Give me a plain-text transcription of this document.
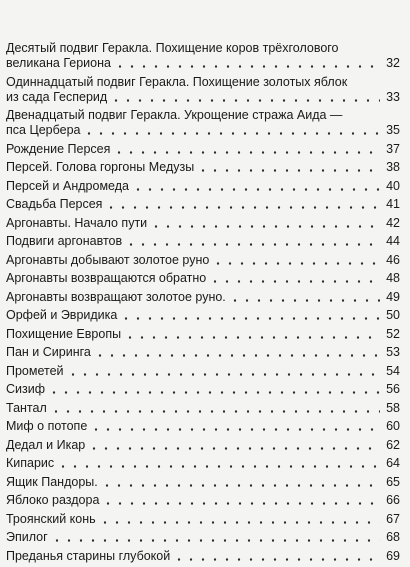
Десятый подвиг Геракла. Похищение коров трёхголового
великана Гериона	32
Одиннадцатый подвиг Геракла. Похищение золотых яблок
из сада Гесперид	33
Двенадцатый подвиг Геракла. Укрощение стража Аида —
пса Цербера	35
Рождение Персея	37
Персей. Голова горгоны Медузы	38
Персей и Андромеда	40
Свадьба Персея	41
Аргонавты. Начало пути	42
Подвиги аргонавтов	44
Аргонавты добывают золотое руно	46
Аргонавты возвращаются обратно	48
Аргонавты возвращают золотое руно.	49
Орфей и Эвридика	50
Похищение Европы	52
Пан и Сиринга	53
Прометей	54
Сизиф	56
Тантал	58
Миф о потопе	60
Дедал и Икар	62
Кипарис	64
Ящик Пандоры.	65
Яблоко раздора	66
Троянский конь	67
Эпилог	68
Преданья старины глубокой	69
